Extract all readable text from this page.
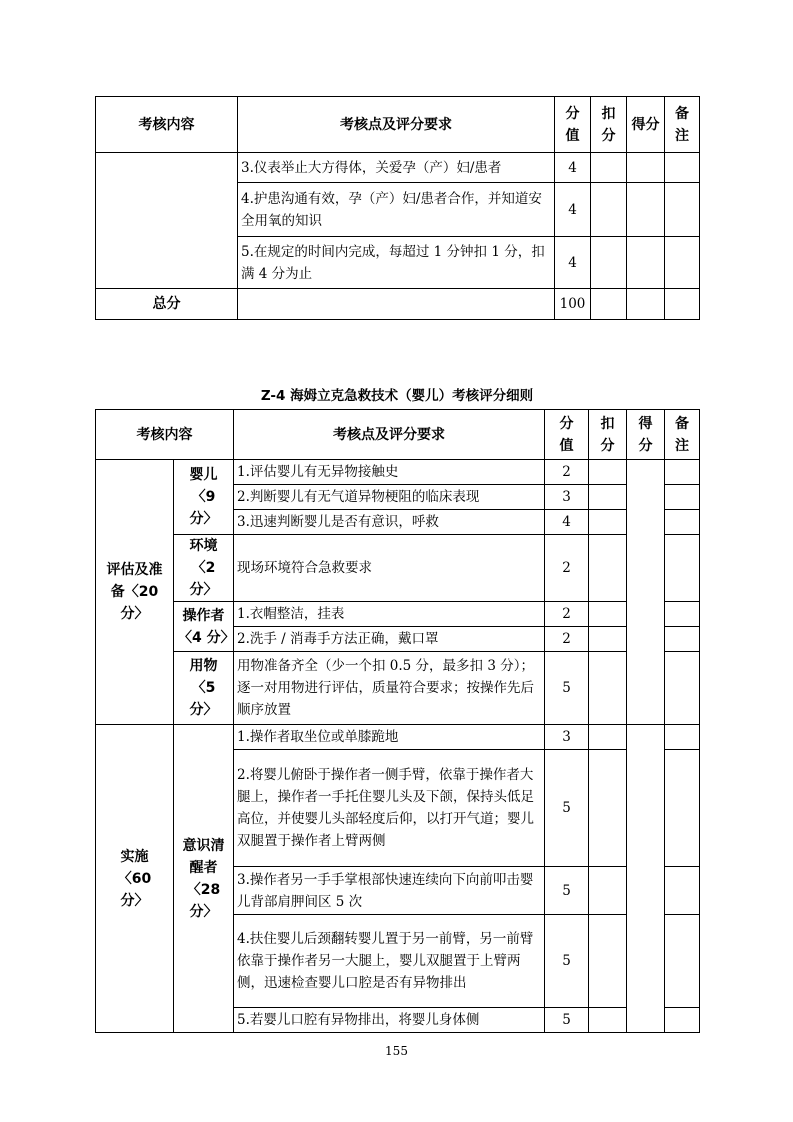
考核内容	考核点及评分要求	分值	扣分	得分	备注
	3.仪表举止大方得体，关爱孕（产）妇/患者	4			
	4.护患沟通有效，孕（产）妇/患者合作，并知道安全用氧的知识	4			
	5.在规定的时间内完成，每超过 1 分钟扣 1 分，扣满 4 分为止	4			
总分		100			
Z-4 海姆立克急救技术（婴儿）考核评分细则
考核内容		考核点及评分要求	分值	扣分	得分	备注
评估及准备〈20 分〉	婴儿〈9 分〉	1.评估婴儿有无异物接触史	2			
		2.判断婴儿有无气道异物梗阻的临床表现	3			
		3.迅速判断婴儿是否有意识，呼救	4			
	环境〈2 分〉	现场环境符合急救要求	2			
	操作者〈4 分〉	1.衣帽整洁，挂表	2			
		2.洗手 / 消毒手方法正确，戴口罩	2			
	用物〈5 分〉	用物准备齐全（少一个扣 0.5 分，最多扣 3 分）；逐一对用物进行评估，质量符合要求；按操作先后顺序放置	5			
实施〈60 分〉	意识清醒者〈28 分〉	1.操作者取坐位或单膝跪地	3			
		2.将婴儿俯卧于操作者一侧手臂，依靠于操作者大腿上，操作者一手托住婴儿头及下颌，保持头低足高位，并使婴儿头部轻度后仰，以打开气道；婴儿双腿置于操作者上臂两侧	5			
		3.操作者另一手手掌根部快速连续向下向前叩击婴儿背部肩胛间区 5 次	5			
		4.扶住婴儿后颈翻转婴儿置于另一前臂，另一前臂依靠于操作者另一大腿上，婴儿双腿置于上臂两侧，迅速检查婴儿口腔是否有异物排出	5			
		5.若婴儿口腔有异物排出，将婴儿身体侧	5			
155
